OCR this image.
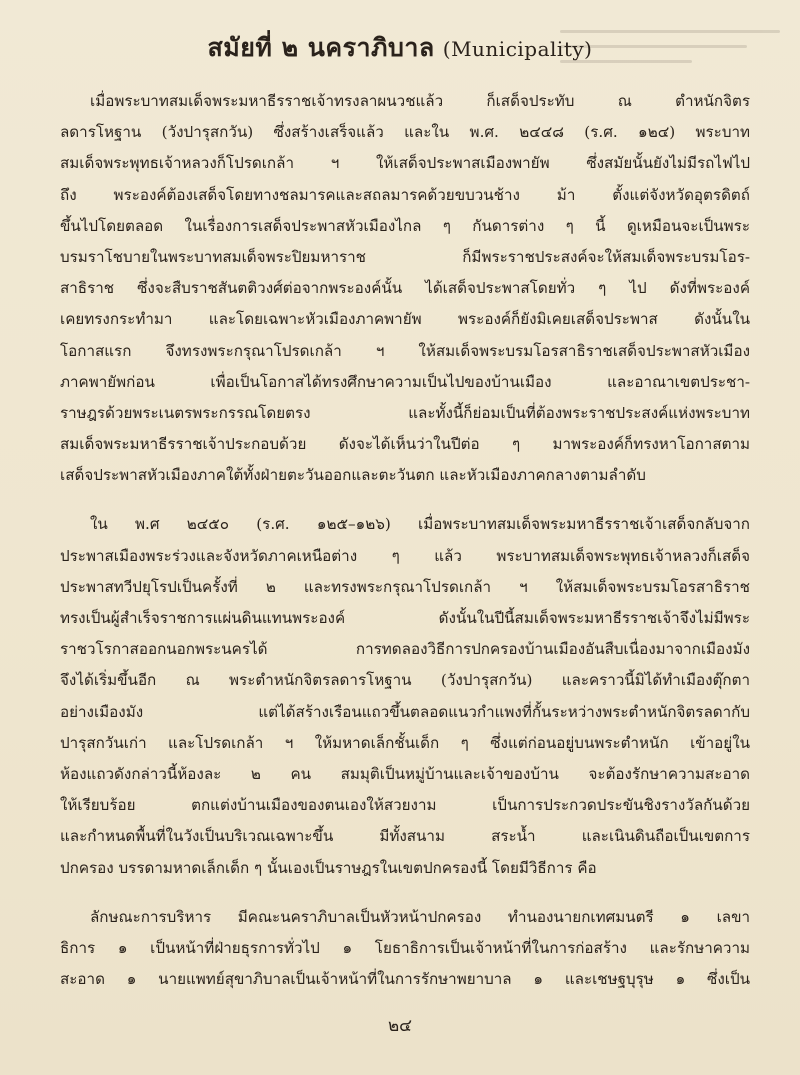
สมัยที่ ๒ นคราภิบาล (Municipality)
เมื่อพระบาทสมเด็จพระมหาธีรราชเจ้าทรงลาผนวชแล้ว ก็เสด็จประทับ ณ ตำหนักจิตร
ลดารโหฐาน (วังปารุสกวัน) ซึ่งสร้างเสร็จแล้ว และใน พ.ศ. ๒๔๔๘ (ร.ศ. ๑๒๔) พระบาท
สมเด็จพระพุทธเจ้าหลวงก็โปรดเกล้า ฯ ให้เสด็จประพาสเมืองพายัพ ซึ่งสมัยนั้นยังไม่มีรถไฟไป
ถึง พระองค์ต้องเสด็จโดยทางชลมารคและสถลมารคด้วยขบวนช้าง ม้า ตั้งแต่จังหวัดอุตรดิตถ์
ขึ้นไปโดยตลอด ในเรื่องการเสด็จประพาสหัวเมืองไกล ๆ กันดารต่าง ๆ นี้ ดูเหมือนจะเป็นพระ
บรมราโชบายในพระบาทสมเด็จพระปิยมหาราช ก็มีพระราชประสงค์จะให้สมเด็จพระบรมโอร-
สาธิราช ซึ่งจะสืบราชสันตติวงศ์ต่อจากพระองค์นั้น ได้เสด็จประพาสโดยทั่ว ๆ ไป ดังที่พระองค์
เคยทรงกระทำมา และโดยเฉพาะหัวเมืองภาคพายัพ พระองค์ก็ยังมิเคยเสด็จประพาส ดังนั้นใน
โอกาสแรก จึงทรงพระกรุณาโปรดเกล้า ฯ ให้สมเด็จพระบรมโอรสาธิราชเสด็จประพาสหัวเมือง
ภาคพายัพก่อน เพื่อเป็นโอกาสได้ทรงศึกษาความเป็นไปของบ้านเมือง และอาณาเขตประชา-
ราษฎรด้วยพระเนตรพระกรรณโดยตรง และทั้งนี้ก็ย่อมเป็นที่ต้องพระราชประสงค์แห่งพระบาท
สมเด็จพระมหาธีรราชเจ้าประกอบด้วย ดังจะได้เห็นว่าในปีต่อ ๆ มาพระองค์ก็ทรงหาโอกาสตาม
เสด็จประพาสหัวเมืองภาคใต้ทั้งฝ่ายตะวันออกและตะวันตก และหัวเมืองภาคกลางตามลำดับ
ใน พ.ศ ๒๔๕๐ (ร.ศ. ๑๒๕–๑๒๖) เมื่อพระบาทสมเด็จพระมหาธีรราชเจ้าเสด็จกลับจาก
ประพาสเมืองพระร่วงและจังหวัดภาคเหนือต่าง ๆ แล้ว พระบาทสมเด็จพระพุทธเจ้าหลวงก็เสด็จ
ประพาสทวีปยุโรปเป็นครั้งที่ ๒ และทรงพระกรุณาโปรดเกล้า ฯ ให้สมเด็จพระบรมโอรสาธิราช
ทรงเป็นผู้สำเร็จราชการแผ่นดินแทนพระองค์ ดังนั้นในปีนี้สมเด็จพระมหาธีรราชเจ้าจึงไม่มีพระ
ราชวโรกาสออกนอกพระนครได้ การทดลองวิธีการปกครองบ้านเมืองอันสืบเนื่องมาจากเมืองมัง
จึงได้เริ่มขึ้นอีก ณ พระตำหนักจิตรลดารโหฐาน (วังปารุสกวัน) และคราวนี้มิได้ทำเมืองตุ๊กตา
อย่างเมืองมัง แต่ได้สร้างเรือนแถวขึ้นตลอดแนวกำแพงที่กั้นระหว่างพระตำหนักจิตรลดากับ
ปารุสกวันเก่า และโปรดเกล้า ฯ ให้มหาดเล็กชั้นเด็ก ๆ ซึ่งแต่ก่อนอยู่บนพระตำหนัก เข้าอยู่ใน
ห้องแถวดังกล่าวนี้ห้องละ ๒ คน สมมุติเป็นหมู่บ้านและเจ้าของบ้าน จะต้องรักษาความสะอาด
ให้เรียบร้อย ตกแต่งบ้านเมืองของตนเองให้สวยงาม เป็นการประกวดประขันชิงรางวัลกันด้วย
และกำหนดพื้นที่ในวังเป็นบริเวณเฉพาะขึ้น มีทั้งสนาม สระน้ำ และเนินดินถือเป็นเขตการ
ปกครอง บรรดามหาดเล็กเด็ก ๆ นั้นเองเป็นราษฎรในเขตปกครองนี้ โดยมีวิธีการ คือ
ลักษณะการบริหาร มีคณะนคราภิบาลเป็นหัวหน้าปกครอง ทำนองนายกเทศมนตรี ๑ เลขา
ธิการ ๑ เป็นหน้าที่ฝ่ายธุรการทั่วไป ๑ โยธาธิการเป็นเจ้าหน้าที่ในการก่อสร้าง และรักษาความ
สะอาด ๑ นายแพทย์สุขาภิบาลเป็นเจ้าหน้าที่ในการรักษาพยาบาล ๑ และเชษฐบุรุษ ๑ ซึ่งเป็น
๒๔
